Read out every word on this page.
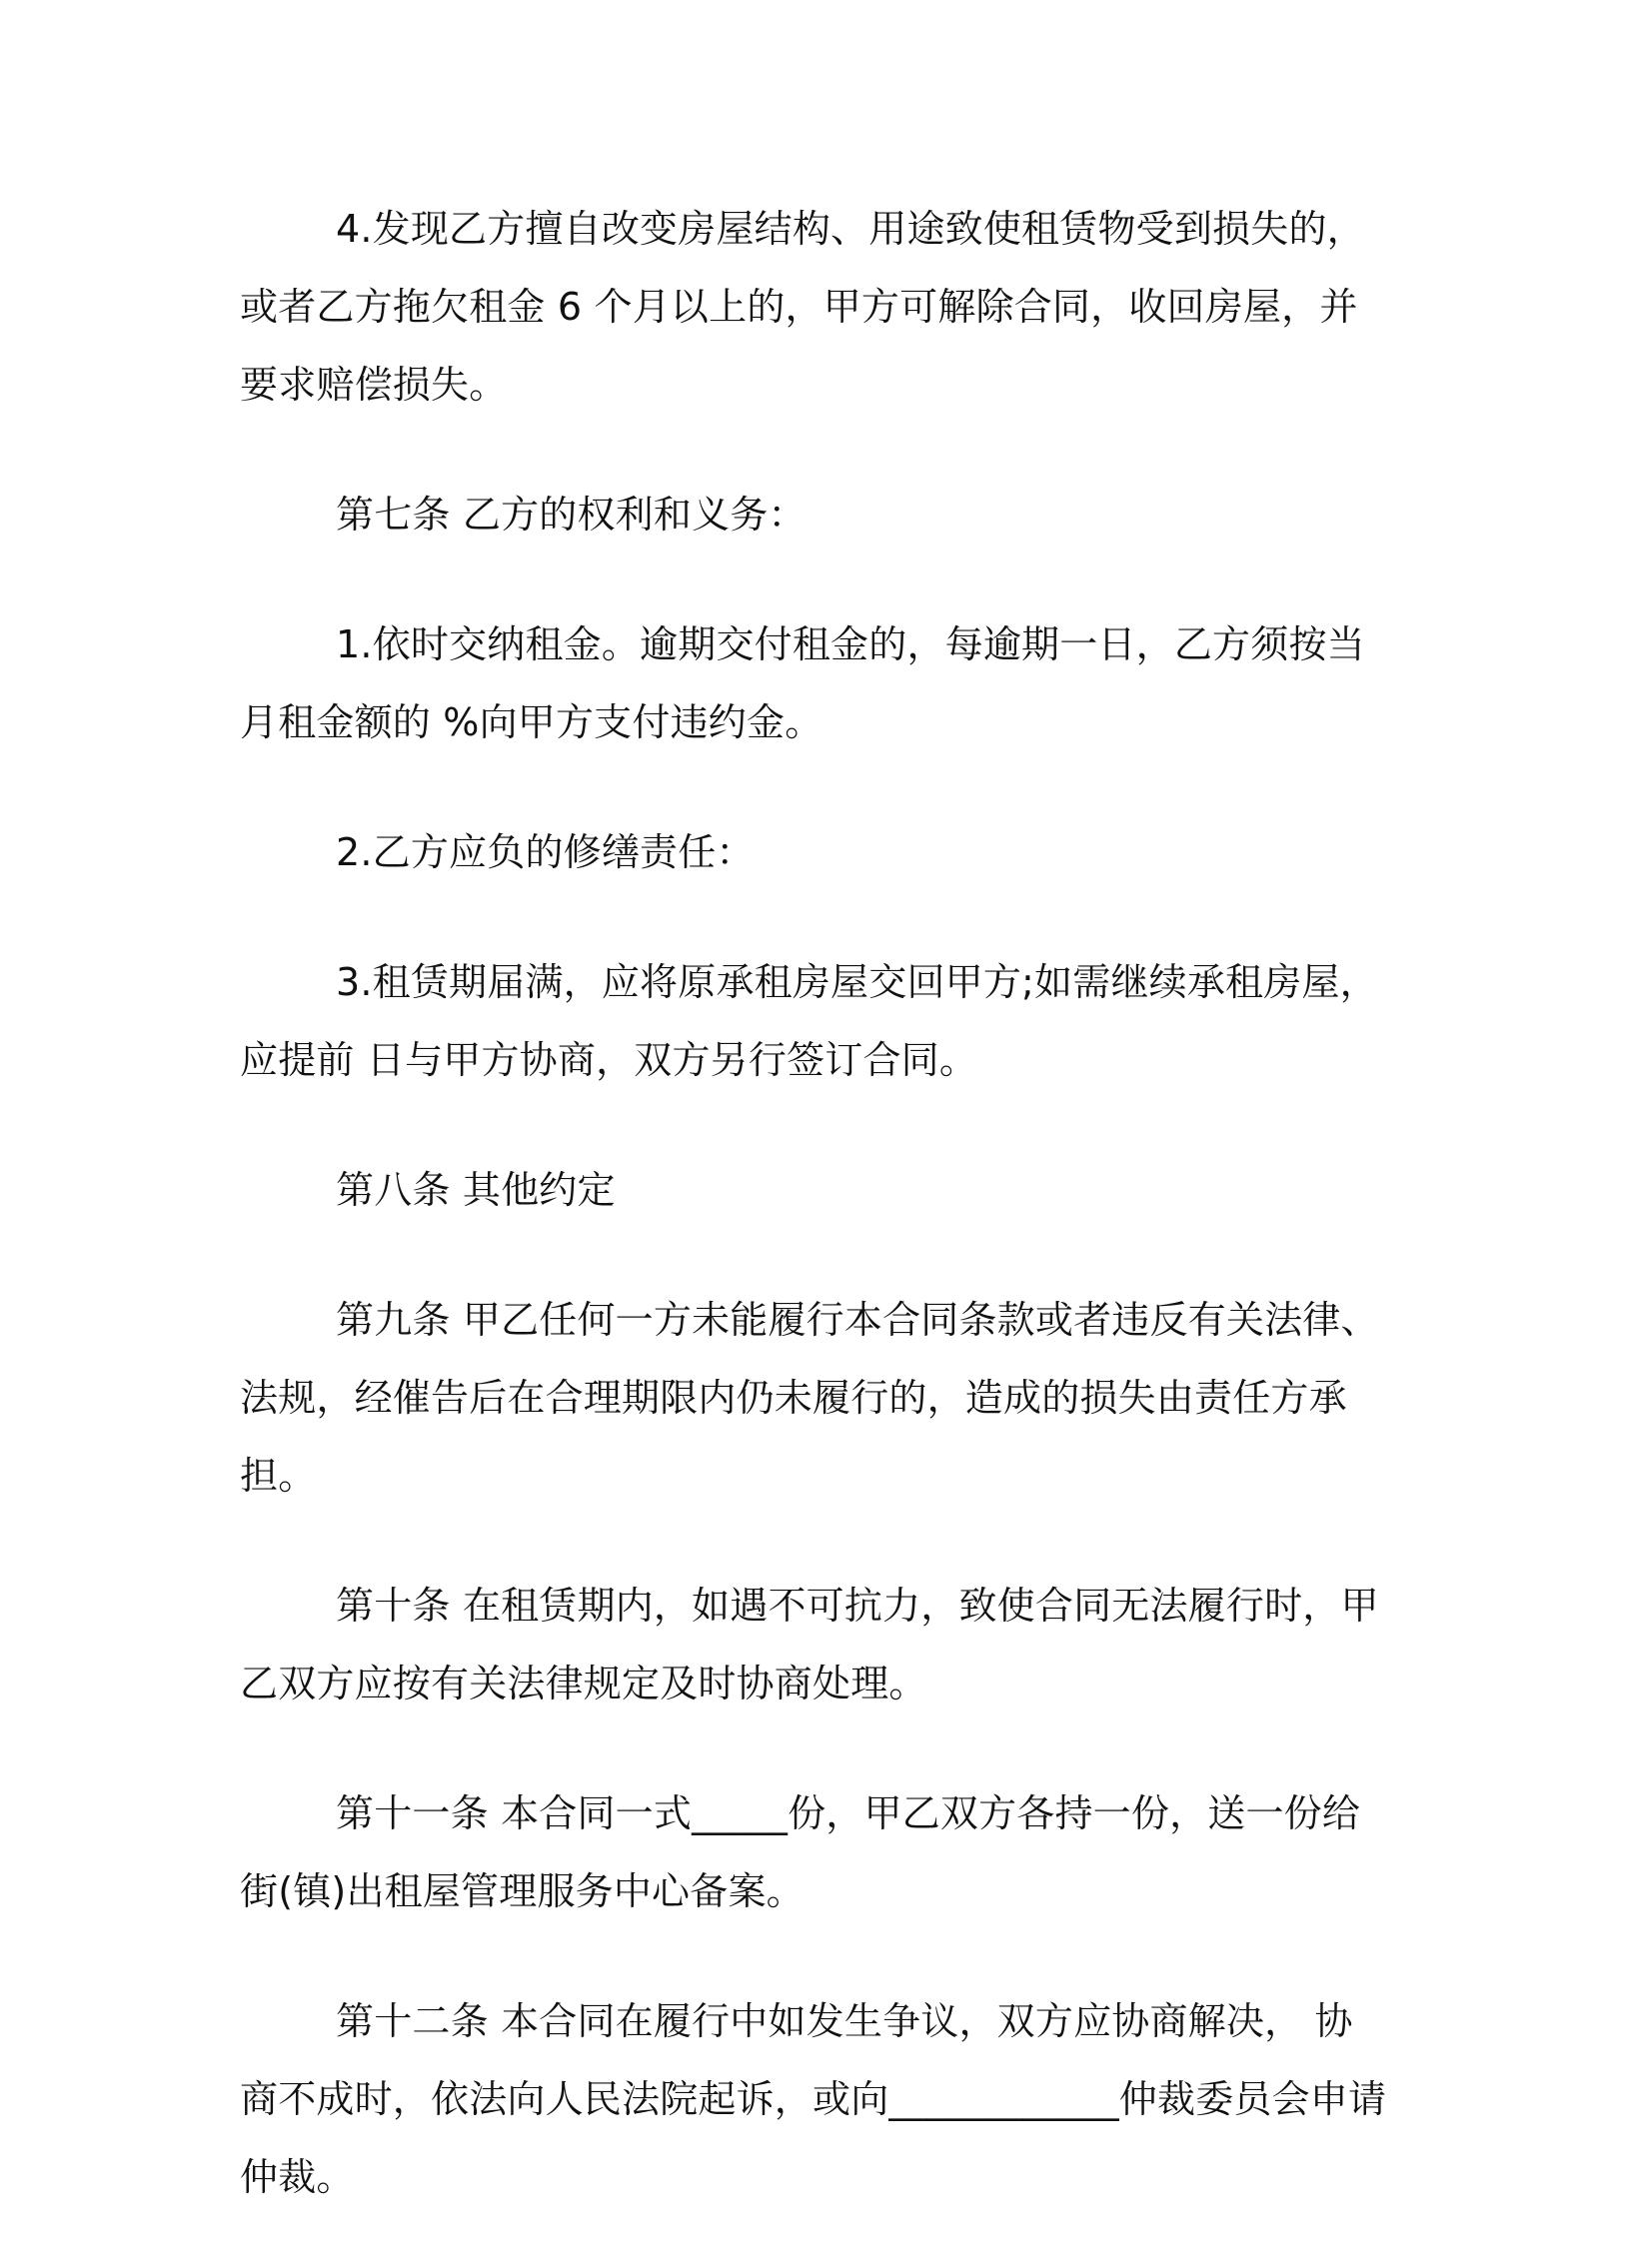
4.发现乙方擅自改变房屋结构、用途致使租赁物受到损失的，或者乙方拖欠租金 6 个月以上的，甲方可解除合同，收回房屋，并要求赔偿损失。

第七条 乙方的权利和义务：

1.依时交纳租金。逾期交付租金的，每逾期一日，乙方须按当月租金额的 %向甲方支付违约金。

2.乙方应负的修缮责任：

3.租赁期届满，应将原承租房屋交回甲方;如需继续承租房屋，应提前 日与甲方协商，双方另行签订合同。

第八条 其他约定

第九条 甲乙任何一方未能履行本合同条款或者违反有关法律、法规，经催告后在合理期限内仍未履行的，造成的损失由责任方承担。

第十条 在租赁期内，如遇不可抗力，致使合同无法履行时，甲乙双方应按有关法律规定及时协商处理。

第十一条 本合同一式_____份，甲乙双方各持一份，送一份给街(镇)出租屋管理服务中心备案。

第十二条 本合同在履行中如发生争议，双方应协商解决， 协商不成时，依法向人民法院起诉，或向____________仲裁委员会申请仲裁。
